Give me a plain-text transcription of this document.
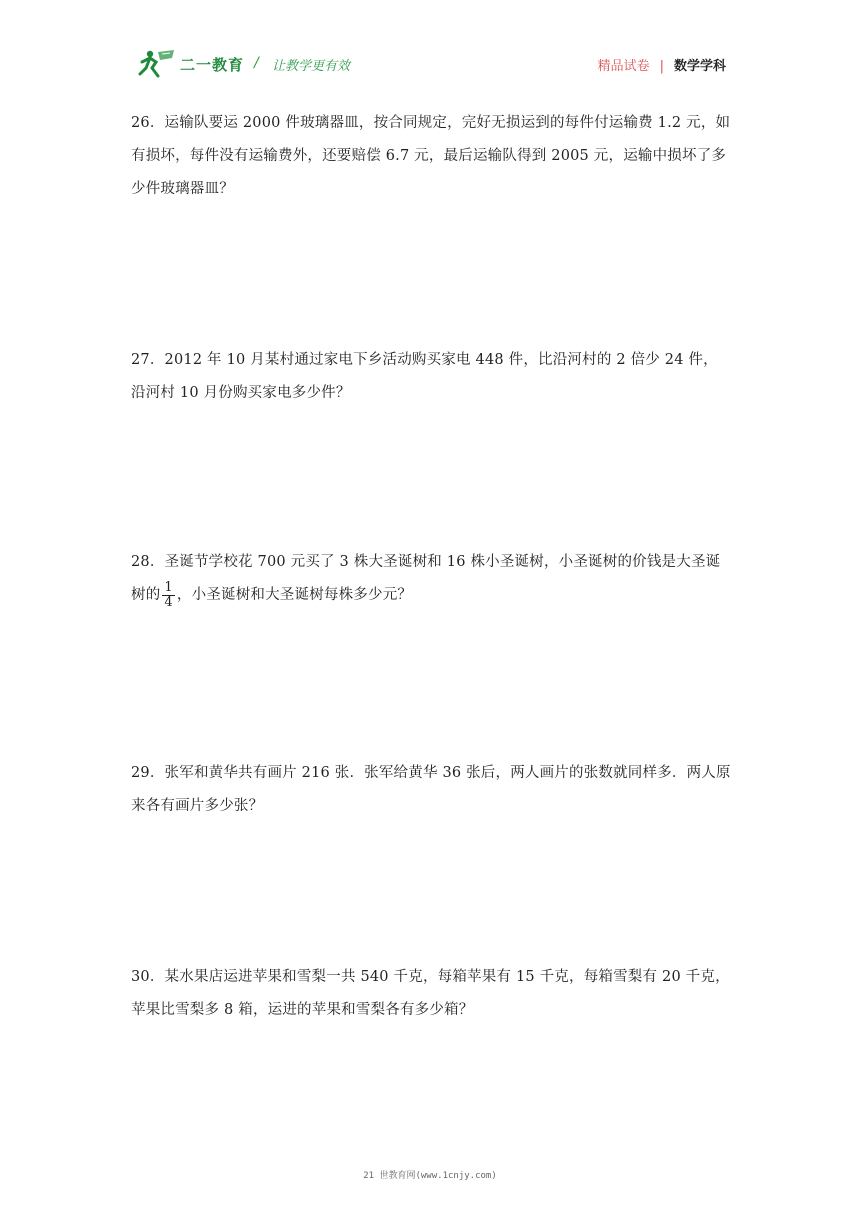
二一教育 / 让教学更有效	精品试卷 | 数学学科
26．运输队要运 2000 件玻璃器皿，按合同规定，完好无损运到的每件付运输费 1.2 元，如有损坏，每件没有运输费外，还要赔偿 6.7 元，最后运输队得到 2005 元，运输中损坏了多少件玻璃器皿？
27．2012 年 10 月某村通过家电下乡活动购买家电 448 件，比沿河村的 2 倍少 24 件，沿河村 10 月份购买家电多少件？
28．圣诞节学校花 700 元买了 3 株大圣诞树和 16 株小圣诞树，小圣诞树的价钱是大圣诞树的 $\frac{1}{4}$ ，小圣诞树和大圣诞树每株多少元？
29．张军和黄华共有画片 216 张．张军给黄华 36 张后，两人画片的张数就同样多．两人原来各有画片多少张？
30．某水果店运进苹果和雪梨一共 540 千克，每箱苹果有 15 千克，每箱雪梨有 20 千克，苹果比雪梨多 8 箱，运进的苹果和雪梨各有多少箱？
21 世教育网(www.1cnjy.com)
